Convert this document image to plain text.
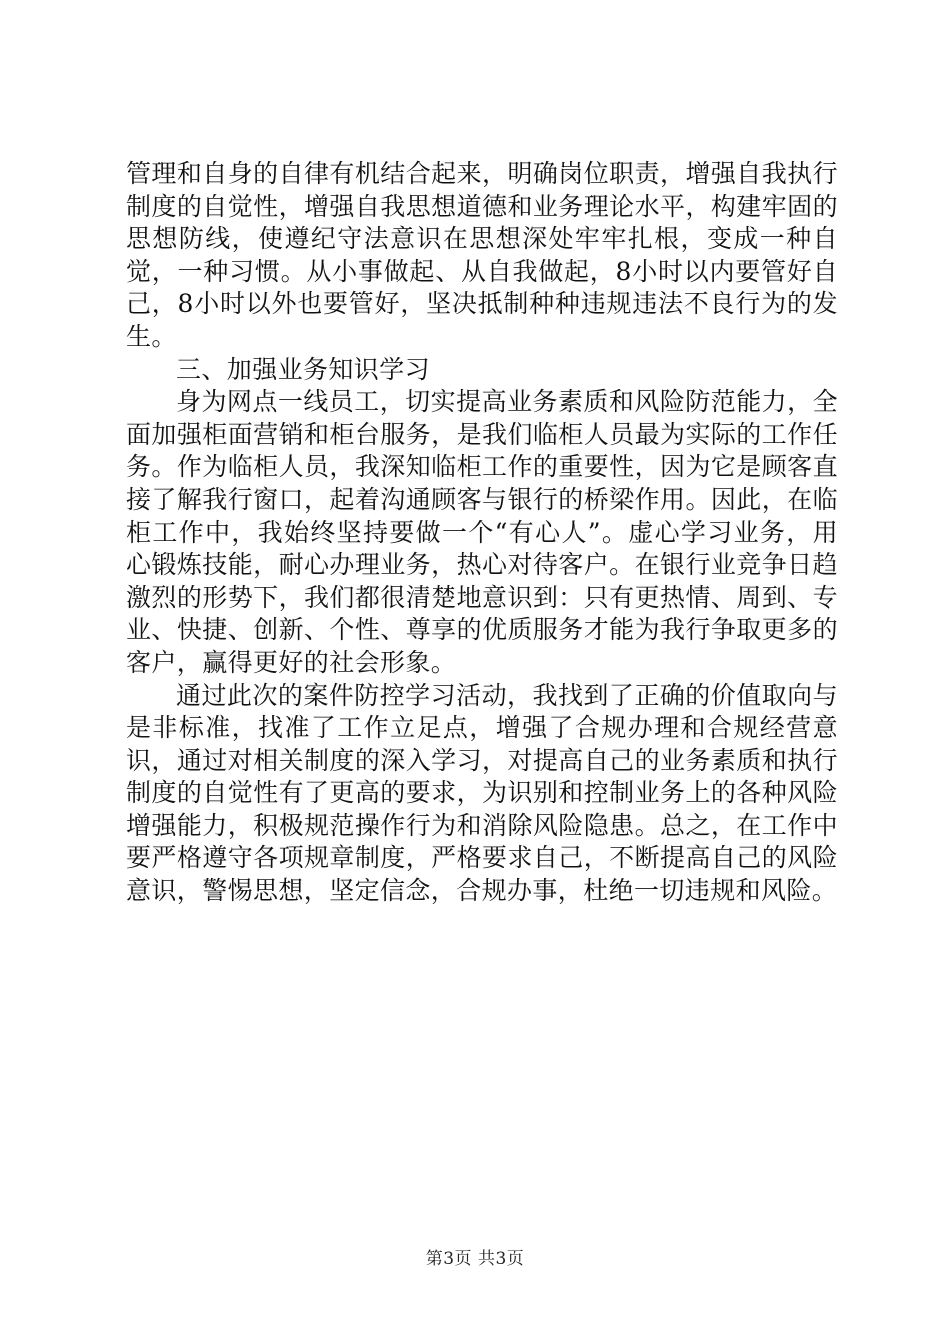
管理和自身的自律有机结合起来，明确岗位职责，增强自我执行制度的自觉性，增强自我思想道德和业务理论水平，构建牢固的思想防线，使遵纪守法意识在思想深处牢牢扎根，变成一种自觉，一种习惯。从小事做起、从自我做起，8小时以内要管好自己，8小时以外也要管好，坚决抵制种种违规违法不良行为的发生。

三、加强业务知识学习

身为网点一线员工，切实提高业务素质和风险防范能力，全面加强柜面营销和柜台服务，是我们临柜人员最为实际的工作任务。作为临柜人员，我深知临柜工作的重要性，因为它是顾客直接了解我行窗口，起着沟通顾客与银行的桥梁作用。因此，在临柜工作中，我始终坚持要做一个“有心人”。虚心学习业务，用心锻炼技能，耐心办理业务，热心对待客户。在银行业竞争日趋激烈的形势下，我们都很清楚地意识到：只有更热情、周到、专业、快捷、创新、个性、尊享的优质服务才能为我行争取更多的客户，赢得更好的社会形象。

通过此次的案件防控学习活动，我找到了正确的价值取向与是非标准，找准了工作立足点，增强了合规办理和合规经营意识，通过对相关制度的深入学习，对提高自己的业务素质和执行制度的自觉性有了更高的要求，为识别和控制业务上的各种风险增强能力，积极规范操作行为和消除风险隐患。总之，在工作中要严格遵守各项规章制度，严格要求自己，不断提高自己的风险意识，警惕思想，坚定信念，合规办事，杜绝一切违规和风险。

第3页 共3页
